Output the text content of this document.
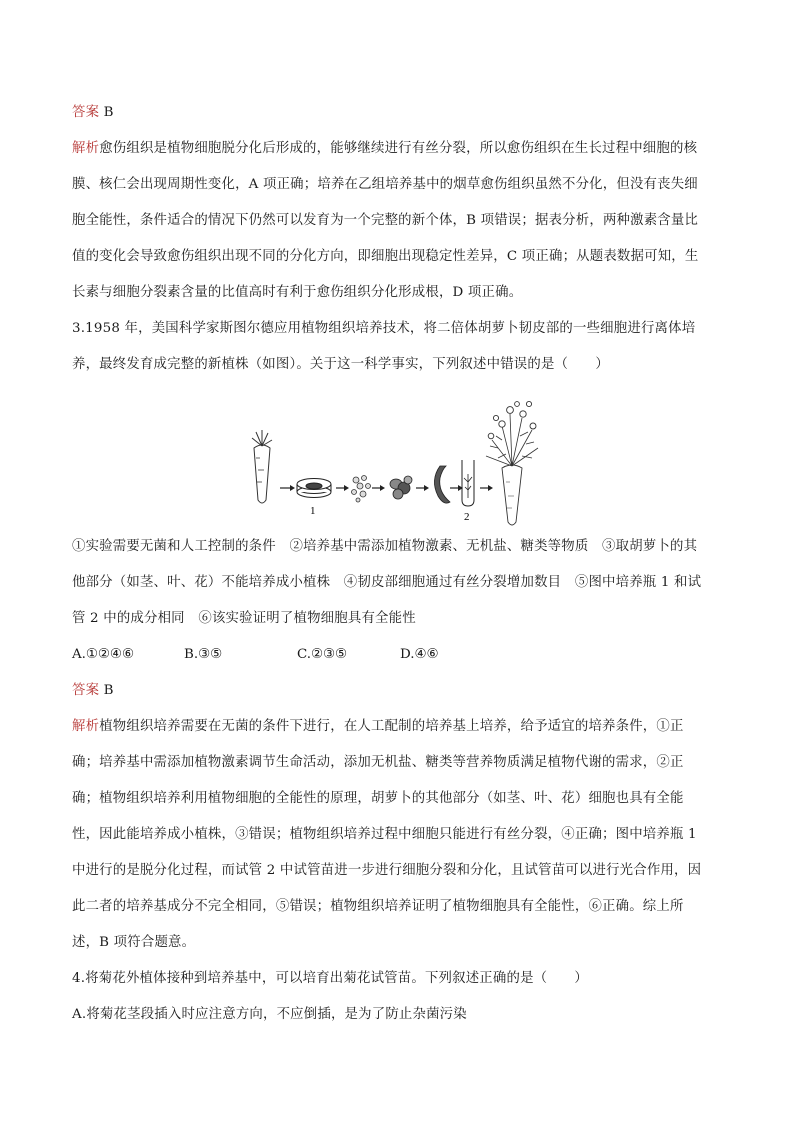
答案 B
解析愈伤组织是植物细胞脱分化后形成的，能够继续进行有丝分裂，所以愈伤组织在生长过程中细胞的核
膜、核仁会出现周期性变化，A 项正确；培养在乙组培养基中的烟草愈伤组织虽然不分化，但没有丧失细
胞全能性，条件适合的情况下仍然可以发育为一个完整的新个体，B 项错误；据表分析，两种激素含量比
值的变化会导致愈伤组织出现不同的分化方向，即细胞出现稳定性差异，C 项正确；从题表数据可知，生
长素与细胞分裂素含量的比值高时有利于愈伤组织分化形成根，D 项正确。
3.1958 年，美国科学家斯图尔德应用植物组织培养技术，将二倍体胡萝卜韧皮部的一些细胞进行离体培
养，最终发育成完整的新植株（如图）。关于这一科学事实，下列叙述中错误的是（　　）
1	2
①实验需要无菌和人工控制的条件　②培养基中需添加植物激素、无机盐、糖类等物质　③取胡萝卜的其
他部分（如茎、叶、花）不能培养成小植株　④韧皮部细胞通过有丝分裂增加数目　⑤图中培养瓶 1 和试
管 2 中的成分相同　⑥该实验证明了植物细胞具有全能性
A.①②④⑥	B.③⑤	C.②③⑤	D.④⑥
答案 B
解析植物组织培养需要在无菌的条件下进行，在人工配制的培养基上培养，给予适宜的培养条件，①正
确；培养基中需添加植物激素调节生命活动，添加无机盐、糖类等营养物质满足植物代谢的需求，②正
确；植物组织培养利用植物细胞的全能性的原理，胡萝卜的其他部分（如茎、叶、花）细胞也具有全能
性，因此能培养成小植株，③错误；植物组织培养过程中细胞只能进行有丝分裂，④正确；图中培养瓶 1
中进行的是脱分化过程，而试管 2 中试管苗进一步进行细胞分裂和分化，且试管苗可以进行光合作用，因
此二者的培养基成分不完全相同，⑤错误；植物组织培养证明了植物细胞具有全能性，⑥正确。综上所
述，B 项符合题意。
4.将菊花外植体接种到培养基中，可以培育出菊花试管苗。下列叙述正确的是（　　）
A.将菊花茎段插入时应注意方向，不应倒插，是为了防止杂菌污染
